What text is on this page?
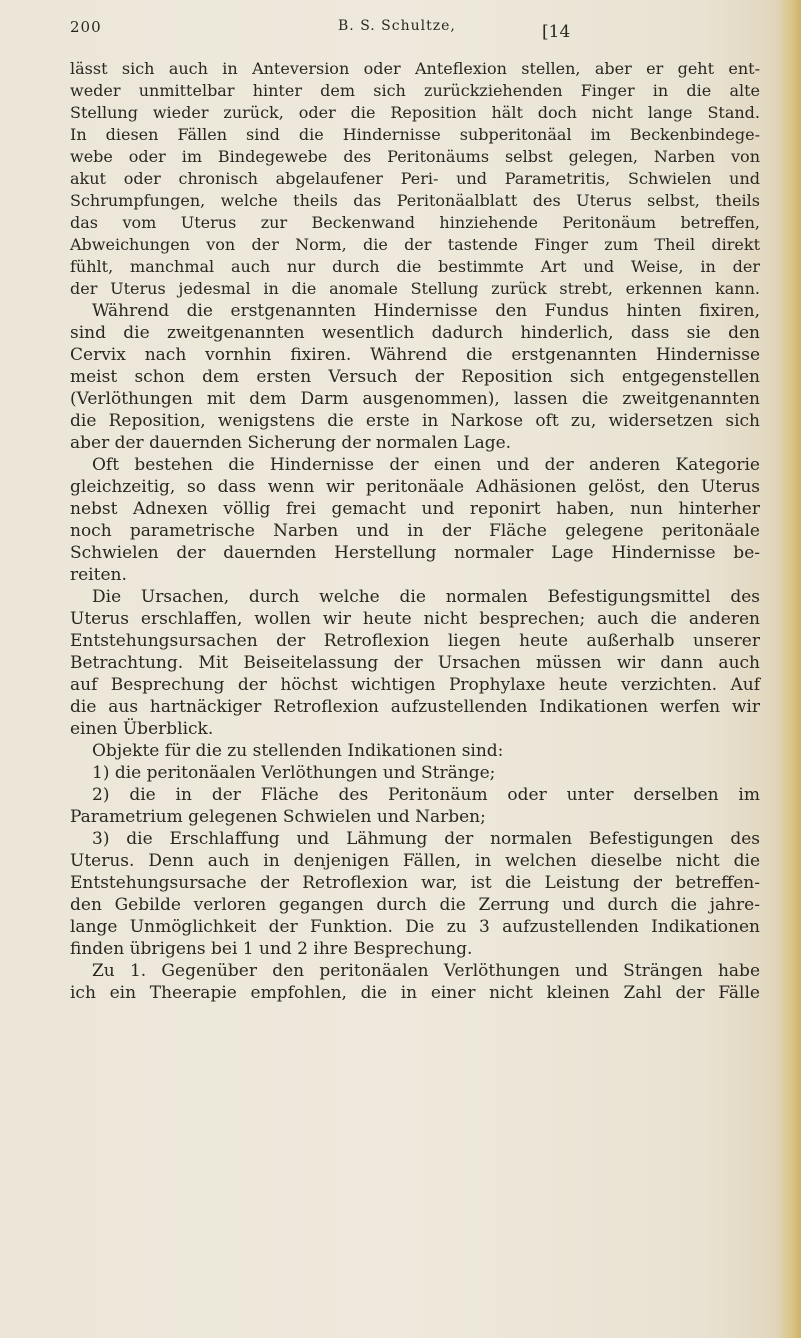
200	B. S. Schultze,	[14
lässt sich auch in Anteversion oder Anteflexion stellen, aber er geht ent-
weder unmittelbar hinter dem sich zurückziehenden Finger in die alte
Stellung wieder zurück, oder die Reposition hält doch nicht lange Stand.
In diesen Fällen sind die Hindernisse subperitonäal im Beckenbindege-
webe oder im Bindegewebe des Peritonäums selbst gelegen, Narben von
akut oder chronisch abgelaufener Peri- und Parametritis, Schwielen und
Schrumpfungen, welche theils das Peritonäalblatt des Uterus selbst, theils
das vom Uterus zur Beckenwand hinziehende Peritonäum betreffen,
Abweichungen von der Norm, die der tastende Finger zum Theil direkt
fühlt, manchmal auch nur durch die bestimmte Art und Weise, in der
der Uterus jedesmal in die anomale Stellung zurück strebt, erkennen kann.
Während die erstgenannten Hindernisse den Fundus hinten fixiren,
sind die zweitgenannten wesentlich dadurch hinderlich, dass sie den
Cervix nach vornhin fixiren. Während die erstgenannten Hindernisse
meist schon dem ersten Versuch der Reposition sich entgegenstellen
(Verlöthungen mit dem Darm ausgenommen), lassen die zweitgenannten
die Reposition, wenigstens die erste in Narkose oft zu, widersetzen sich
aber der dauernden Sicherung der normalen Lage.
Oft bestehen die Hindernisse der einen und der anderen Kategorie
gleichzeitig, so dass wenn wir peritonäale Adhäsionen gelöst, den Uterus
nebst Adnexen völlig frei gemacht und reponirt haben, nun hinterher
noch parametrische Narben und in der Fläche gelegene peritonäale
Schwielen der dauernden Herstellung normaler Lage Hindernisse be-
reiten.
Die Ursachen, durch welche die normalen Befestigungsmittel des
Uterus erschlaffen, wollen wir heute nicht besprechen; auch die anderen
Entstehungsursachen der Retroflexion liegen heute außerhalb unserer
Betrachtung. Mit Beiseitelassung der Ursachen müssen wir dann auch
auf Besprechung der höchst wichtigen Prophylaxe heute verzichten. Auf
die aus hartnäckiger Retroflexion aufzustellenden Indikationen werfen wir
einen Überblick.
Objekte für die zu stellenden Indikationen sind:
1) die peritonäalen Verlöthungen und Stränge;
2) die in der Fläche des Peritonäum oder unter derselben im
Parametrium gelegenen Schwielen und Narben;
3) die Erschlaffung und Lähmung der normalen Befestigungen des
Uterus. Denn auch in denjenigen Fällen, in welchen dieselbe nicht die
Entstehungsursache der Retroflexion war, ist die Leistung der betreffen-
den Gebilde verloren gegangen durch die Zerrung und durch die jahre-
lange Unmöglichkeit der Funktion. Die zu 3 aufzustellenden Indikationen
finden übrigens bei 1 und 2 ihre Besprechung.
Zu 1. Gegenüber den peritonäalen Verlöthungen und Strängen habe
ich ein Theerapie empfohlen, die in einer nicht kleinen Zahl der Fälle
